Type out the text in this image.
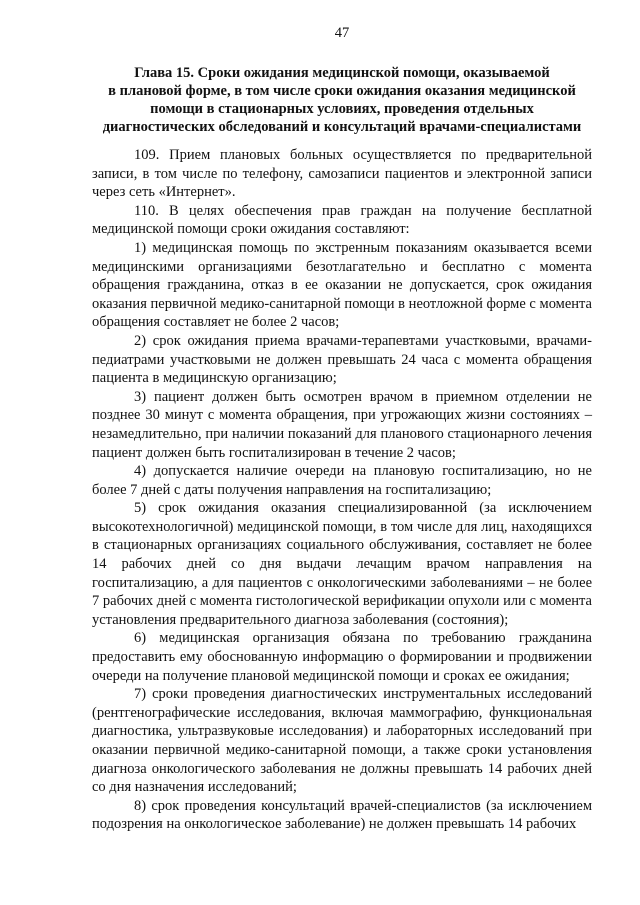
47
Глава 15. Сроки ожидания медицинской помощи, оказываемой
в плановой форме, в том числе сроки ожидания оказания медицинской
помощи в стационарных условиях, проведения отдельных
диагностических обследований и консультаций врачами-специалистами

109. Прием плановых больных осуществляется по предварительной записи, в том числе по телефону, самозаписи пациентов и электронной записи через сеть «Интернет».

110. В целях обеспечения прав граждан на получение бесплатной медицинской помощи сроки ожидания составляют:

1) медицинская помощь по экстренным показаниям оказывается всеми медицинскими организациями безотлагательно и бесплатно с момента обращения гражданина, отказ в ее оказании не допускается, срок ожидания оказания первичной медико-санитарной помощи в неотложной форме с момента обращения составляет не более 2 часов;

2) срок ожидания приема врачами-терапевтами участковыми, врачами-педиатрами участковыми не должен превышать 24 часа с момента обращения пациента в медицинскую организацию;

3) пациент должен быть осмотрен врачом в приемном отделении не позднее 30 минут с момента обращения, при угрожающих жизни состояниях – незамедлительно, при наличии показаний для планового стационарного лечения пациент должен быть госпитализирован в течение 2 часов;

4) допускается наличие очереди на плановую госпитализацию, но не более 7 дней с даты получения направления на госпитализацию;

5) срок ожидания оказания специализированной (за исключением высокотехнологичной) медицинской помощи, в том числе для лиц, находящихся в стационарных организациях социального обслуживания, составляет не более 14 рабочих дней со дня выдачи лечащим врачом направления на госпитализацию, а для пациентов с онкологическими заболеваниями – не более 7 рабочих дней с момента гистологической верификации опухоли или с момента установления предварительного диагноза заболевания (состояния);

6) медицинская организация обязана по требованию гражданина предоставить ему обоснованную информацию о формировании и продвижении очереди на получение плановой медицинской помощи и сроках ее ожидания;

7) сроки проведения диагностических инструментальных исследований (рентгенографические исследования, включая маммографию, функциональная диагностика, ультразвуковые исследования) и лабораторных исследований при оказании первичной медико-санитарной помощи, а также сроки установления диагноза онкологического заболевания не должны превышать 14 рабочих дней со дня назначения исследований;

8) срок проведения консультаций врачей-специалистов (за исключением подозрения на онкологическое заболевание) не должен превышать 14 рабочих
